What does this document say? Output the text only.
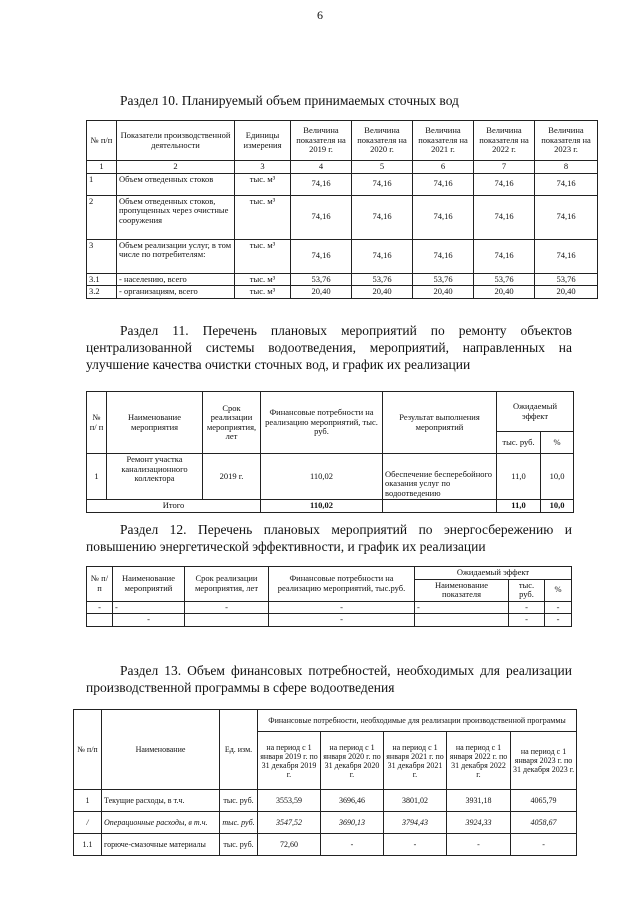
6
Раздел 10. Планируемый объем принимаемых сточных вод
№ п/п	Показатели производственной деятельности	Единицы измерения	Величина показателя на 2019 г.	Величина показателя на 2020 г.	Величина показателя на 2021 г.	Величина показателя на 2022 г.	Величина показателя на 2023 г.
1	2	3	4	5	6	7	8
1	Объем отведенных стоков	тыс. м³	74,16	74,16	74,16	74,16	74,16
2	Объем отведенных стоков, пропущенных через очистные сооружения	тыс. м³	74,16	74,16	74,16	74,16	74,16
3	Объем реализации услуг, в том числе по потребителям:	тыс. м³	74,16	74,16	74,16	74,16	74,16
3.1	- населению, всего	тыс. м³	53,76	53,76	53,76	53,76	53,76
3.2	- организациям, всего	тыс. м³	20,40	20,40	20,40	20,40	20,40
Раздел 11. Перечень плановых мероприятий по ремонту объектов централизованной системы водоотведения, мероприятий, направленных на улучшение качества очистки сточных вод, и график их реализации
№ п/ п	Наименование мероприятия	Срок реализации мероприятия, лет	Финансовые потребности на реализацию мероприятий, тыс. руб.	Результат выполнения мероприятий	Ожидаемый эффект	
					тыс. руб.	%
1	Ремонт участка канализационного коллектора	2019 г.	110,02	Обеспечение бесперебойного оказания услуг по водоотведению	11,0	10,0
Итого			110,02		11,0	10,0
Раздел 12. Перечень плановых мероприятий по энергосбережению и повышению энергетической эффективности, и график их реализации
№ п/п	Наименование мероприятий	Срок реализации мероприятия, лет	Финансовые потребности на реализацию мероприятий, тыс.руб.	Ожидаемый эффект		
				Наименование показателя	тыс. руб.	%
-	-	-	-	-	-	-
	-		-		-	-
Раздел 13. Объем финансовых потребностей, необходимых для реализации производственной программы в сфере водоотведения
№ п/п	Наименование	Ед. изм.	Финансовые потребности, необходимые для реализации производственной программы				
			на период с 1 января 2019 г. по 31 декабря 2019 г.	на период с 1 января 2020 г. по 31 декабря 2020 г.	на период с 1 января 2021 г. по 31 декабря 2021 г.	на период с 1 января 2022 г. по 31 декабря 2022 г.	на период с 1 января 2023 г. по 31 декабря 2023 г.
1	Текущие расходы, в т.ч.	тыс. руб.	3553,59	3696,46	3801,02	3931,18	4065,79
/	Операционные расходы, в т.ч.	тыс. руб.	3547,52	3690,13	3794,43	3924,33	4058,67
1.1	горюче-смазочные материалы	тыс. руб.	72,60	-	-	-	-
